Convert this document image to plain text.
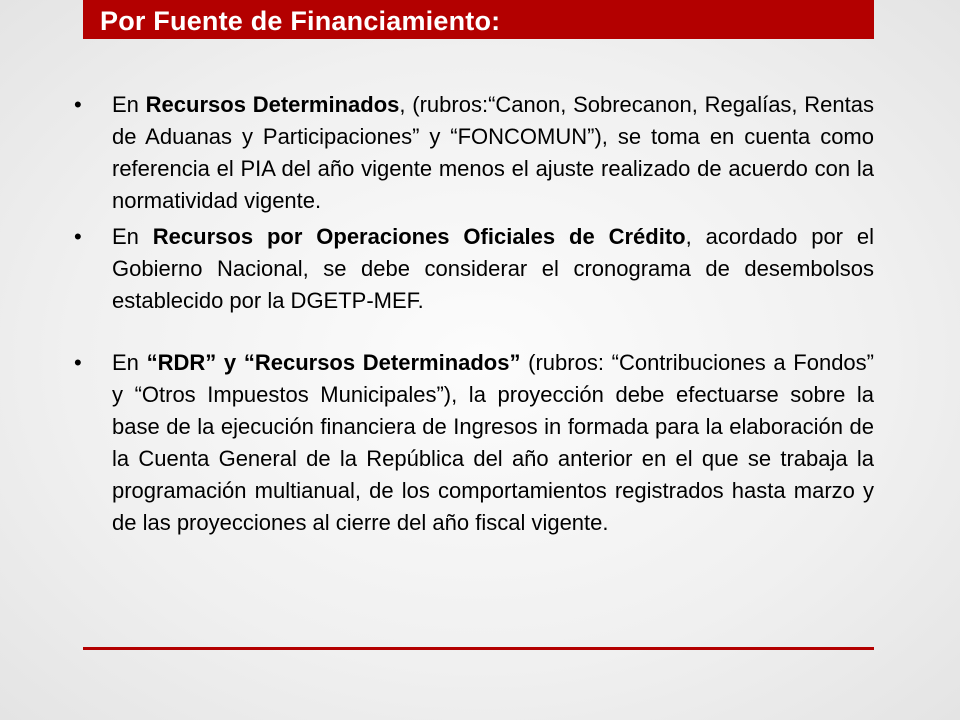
Por Fuente de Financiamiento:
• En Recursos Determinados, (rubros:“Canon, Sobrecanon, Regalías, Rentas de Aduanas y Participaciones” y “FONCOMUN”), se toma en cuenta como referencia el PIA del año vigente menos el ajuste realizado de acuerdo con la normatividad vigente.
• En Recursos por Operaciones Oficiales de Crédito, acordado por el Gobierno Nacional, se debe considerar el cronograma de desembolsos establecido por la DGETP-MEF.
• En “RDR” y “Recursos Determinados” (rubros: “Contribuciones a Fondos” y “Otros Impuestos Municipales”), la proyección debe efectuarse sobre la base de la ejecución financiera de Ingresos in formada para la elaboración de la Cuenta General de la República del año anterior en el que se trabaja la programación multianual, de los comportamientos registrados hasta marzo y de las proyecciones al cierre del año fiscal vigente.
